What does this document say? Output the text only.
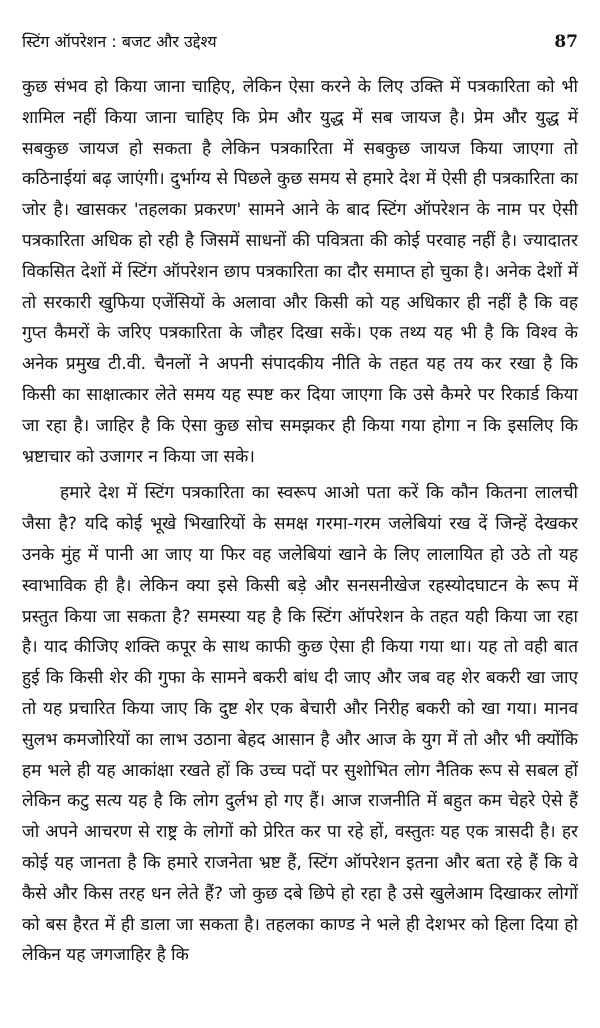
स्टिंग ऑपरेशन : बजट और उद्देश्य	87

कुछ संभव हो किया जाना चाहिए, लेकिन ऐसा करने के लिए उक्ति में पत्रकारिता को भी शामिल नहीं किया जाना चाहिए कि प्रेम और युद्ध में सब जायज है। प्रेम और युद्ध में सबकुछ जायज हो सकता है लेकिन पत्रकारिता में सबकुछ जायज किया जाएगा तो कठिनाईयां बढ़ जाएंगी। दुर्भाग्य से पिछले कुछ समय से हमारे देश में ऐसी ही पत्रकारिता का जोर है। खासकर 'तहलका प्रकरण' सामने आने के बाद स्टिंग ऑपरेशन के नाम पर ऐसी पत्रकारिता अधिक हो रही है जिसमें साधनों की पवित्रता की कोई परवाह नहीं है। ज्यादातर विकसित देशों में स्टिंग ऑपरेशन छाप पत्रकारिता का दौर समाप्त हो चुका है। अनेक देशों में तो सरकारी खुफिया एजेंसियों के अलावा और किसी को यह अधिकार ही नहीं है कि वह गुप्त कैमरों के जरिए पत्रकारिता के जौहर दिखा सकें। एक तथ्य यह भी है कि विश्व के अनेक प्रमुख टी.वी. चैनलों ने अपनी संपादकीय नीति के तहत यह तय कर रखा है कि किसी का साक्षात्कार लेते समय यह स्पष्ट कर दिया जाएगा कि उसे कैमरे पर रिकार्ड किया जा रहा है। जाहिर है कि ऐसा कुछ सोच समझकर ही किया गया होगा न कि इसलिए कि भ्रष्टाचार को उजागर न किया जा सके।

हमारे देश में स्टिंग पत्रकारिता का स्वरूप आओ पता करें कि कौन कितना लालची जैसा है? यदि कोई भूखे भिखारियों के समक्ष गरमा-गरम जलेबियां रख दें जिन्हें देखकर उनके मुंह में पानी आ जाए या फिर वह जलेबियां खाने के लिए लालायित हो उठे तो यह स्वाभाविक ही है। लेकिन क्या इसे किसी बड़े और सनसनीखेज रहस्योदघाटन के रूप में प्रस्तुत किया जा सकता है? समस्या यह है कि स्टिंग ऑपरेशन के तहत यही किया जा रहा है। याद कीजिए शक्ति कपूर के साथ काफी कुछ ऐसा ही किया गया था। यह तो वही बात हुई कि किसी शेर की गुफा के सामने बकरी बांध दी जाए और जब वह शेर बकरी खा जाए तो यह प्रचारित किया जाए कि दुष्ट शेर एक बेचारी और निरीह बकरी को खा गया। मानव सुलभ कमजोरियों का लाभ उठाना बेहद आसान है और आज के युग में तो और भी क्योंकि हम भले ही यह आकांक्षा रखते हों कि उच्च पदों पर सुशोभित लोग नैतिक रूप से सबल हों लेकिन कटु सत्य यह है कि लोग दुर्लभ हो गए हैं। आज राजनीति में बहुत कम चेहरे ऐसे हैं जो अपने आचरण से राष्ट्र के लोगों को प्रेरित कर पा रहे हों, वस्तुतः यह एक त्रासदी है। हर कोई यह जानता है कि हमारे राजनेता भ्रष्ट हैं, स्टिंग ऑपरेशन इतना और बता रहे हैं कि वे कैसे और किस तरह धन लेते हैं? जो कुछ दबे छिपे हो रहा है उसे खुलेआम दिखाकर लोगों को बस हैरत में ही डाला जा सकता है। तहलका काण्ड ने भले ही देशभर को हिला दिया हो लेकिन यह जगजाहिर है कि
